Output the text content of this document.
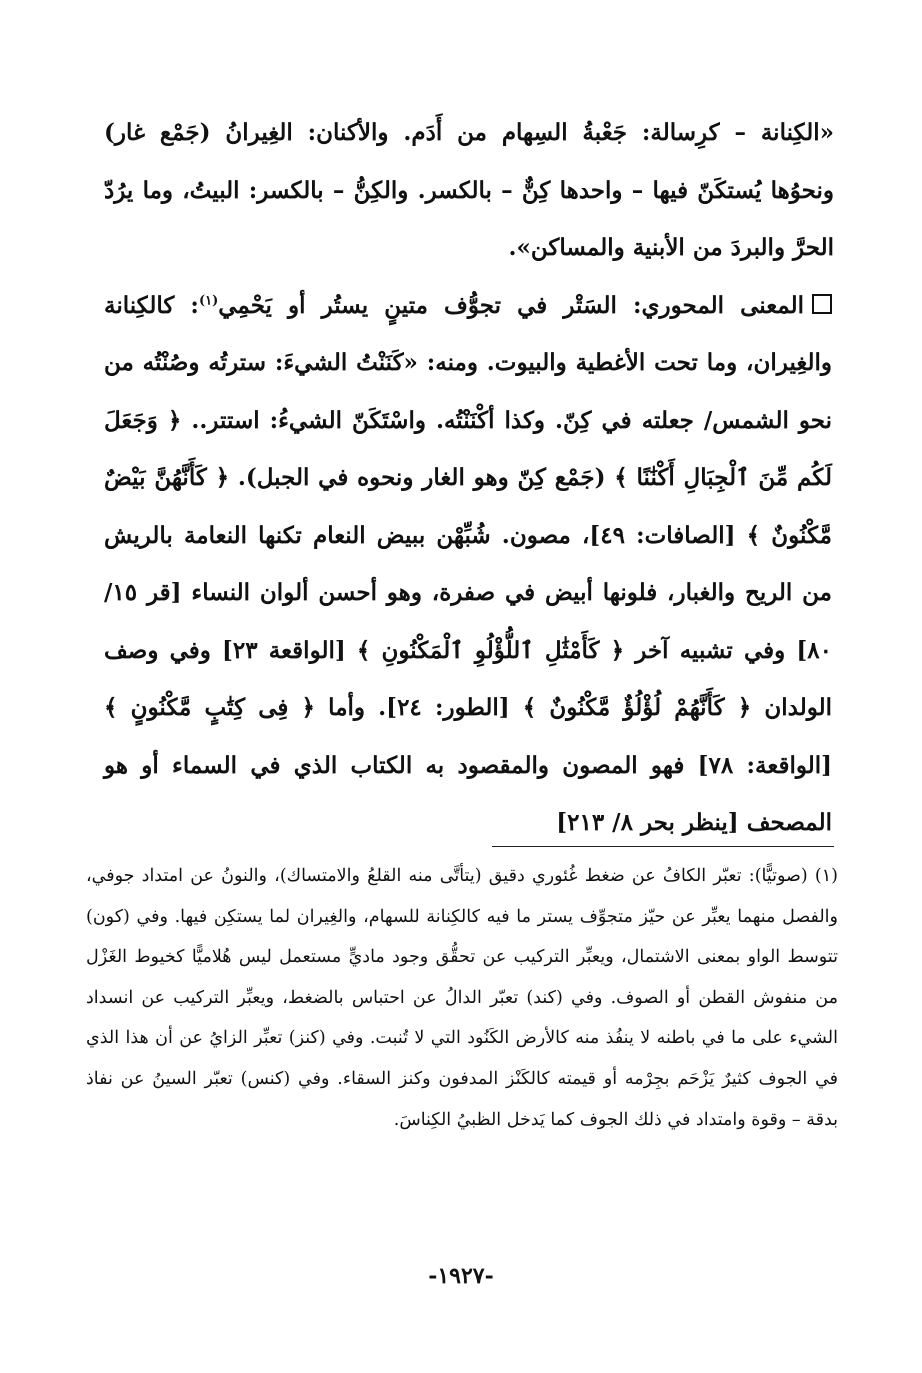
«الكِنانة – كرِسالة: جَعْبةُ السِهام من أَدَم. والأكنان: الغِيرانُ (جَمْع غار) ونحوُها يُستكَنّ فيها – واحدها كِنٌّ – بالكسر. والكِنُّ – بالكسر: البيتُ، وما يرُدّ الحرَّ والبردَ من الأبنية والمساكن».

المعنى المحوري: السَتْر في تجوُّف متينٍ يستُر أو يَحْمِي$^{(١)}$: كالكِنانة والغِيران، وما تحت الأغطية والبيوت. ومنه: «كَنَنْتُ الشيءَ: سترتُه وصُنْتُه من نحو الشمس/ جعلته في كِنّ. وكذا أكْنَنْتُه. واسْتَكَنّ الشيءُ: استتر.. ﴿ وَجَعَلَ لَكُم مِّنَ ٱلْجِبَالِ أَكْنَٰنًا ﴾ (جَمْع كِنّ وهو الغار ونحوه في الجبل). ﴿ كَأَنَّهُنَّ بَيْضٌ مَّكْنُونٌ ﴾ [الصافات: ٤٩]، مصون. شُبِّهْن ببيض النعام تكنها النعامة بالريش من الريح والغبار، فلونها أبيض في صفرة، وهو أحسن ألوان النساء [قر ١٥/ ٨٠] وفي تشبيه آخر ﴿ كَأَمْثَٰلِ ٱللُّؤْلُوِ ٱلْمَكْنُونِ ﴾ [الواقعة ٢٣] وفي وصف الولدان ﴿ كَأَنَّهُمْ لُؤْلُؤٌ مَّكْنُونٌ ﴾ [الطور: ٢٤]. وأما ﴿ فِى كِتَٰبٍ مَّكْنُونٍ ﴾ [الواقعة: ٧٨] فهو المصون والمقصود به الكتاب الذي في السماء أو هو المصحف [ينظر بحر ٨/ ٢١٣]

(١) (صوتيًّا): تعبّر الكافُ عن ضغط غُئوري دقيق (يتأتَّى منه القلعُ والامتساك)، والنونُ عن امتداد جوفي، والفصل منهما يعبِّر عن حيّز متجوِّف يستر ما فيه كالكِنانة للسهام، والغِيران لما يستكِن فيها. وفي (كون) تتوسط الواو بمعنى الاشتمال، ويعبِّر التركيب عن تحقُّق وجود ماديٍّ مستعمل ليس هُلاميًّا كخيوط الغَزْل من منفوش القطن أو الصوف. وفي (كند) تعبّر الدالُ عن احتباس بالضغط، ويعبِّر التركيب عن انسداد الشيء على ما في باطنه لا ينفُذ منه كالأرض الكَنُود التي لا تُنبت. وفي (كنز) تعبِّر الزايُ عن أن هذا الذي في الجوف كثيرٌ يَزْحَم بجِرْمه أو قيمته كالكَنْز المدفون وكنز السقاء. وفي (كنس) تعبّر السينُ عن نفاذ بدقة – وقوة وامتداد في ذلك الجوف كما يَدخل الظبيُ الكِناسَ.

-١٩٢٧-
